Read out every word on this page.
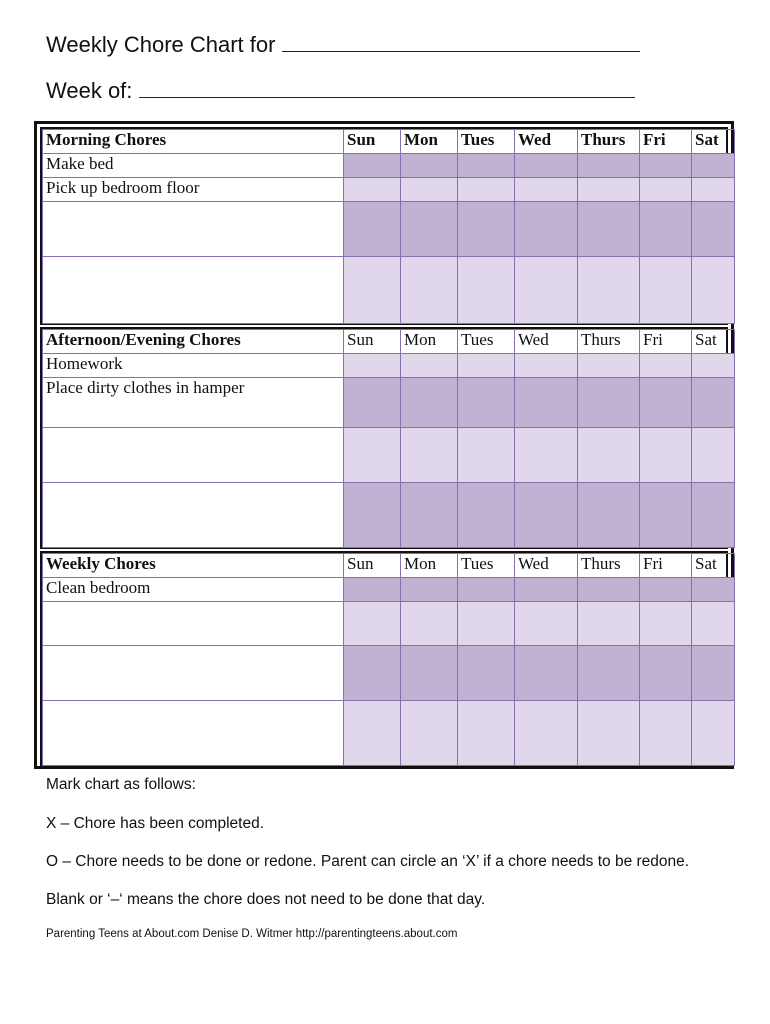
Weekly Chore Chart for
Week of:
Morning Chores	Sun	Mon	Tues	Wed	Thurs	Fri	Sat
Make bed							
Pick up bedroom floor							

Afternoon/Evening Chores	Sun	Mon	Tues	Wed	Thurs	Fri	Sat
Homework							
Place dirty clothes in hamper							

Weekly Chores	Sun	Mon	Tues	Wed	Thurs	Fri	Sat
Clean bedroom							

Mark chart as follows:
X – Chore has been completed.
O – Chore needs to be done or redone. Parent can circle an ‘X’ if a chore needs to be redone.
Blank or ‘–‘ means the chore does not need to be done that day.
Parenting Teens at About.com Denise D. Witmer http://parentingteens.about.com
